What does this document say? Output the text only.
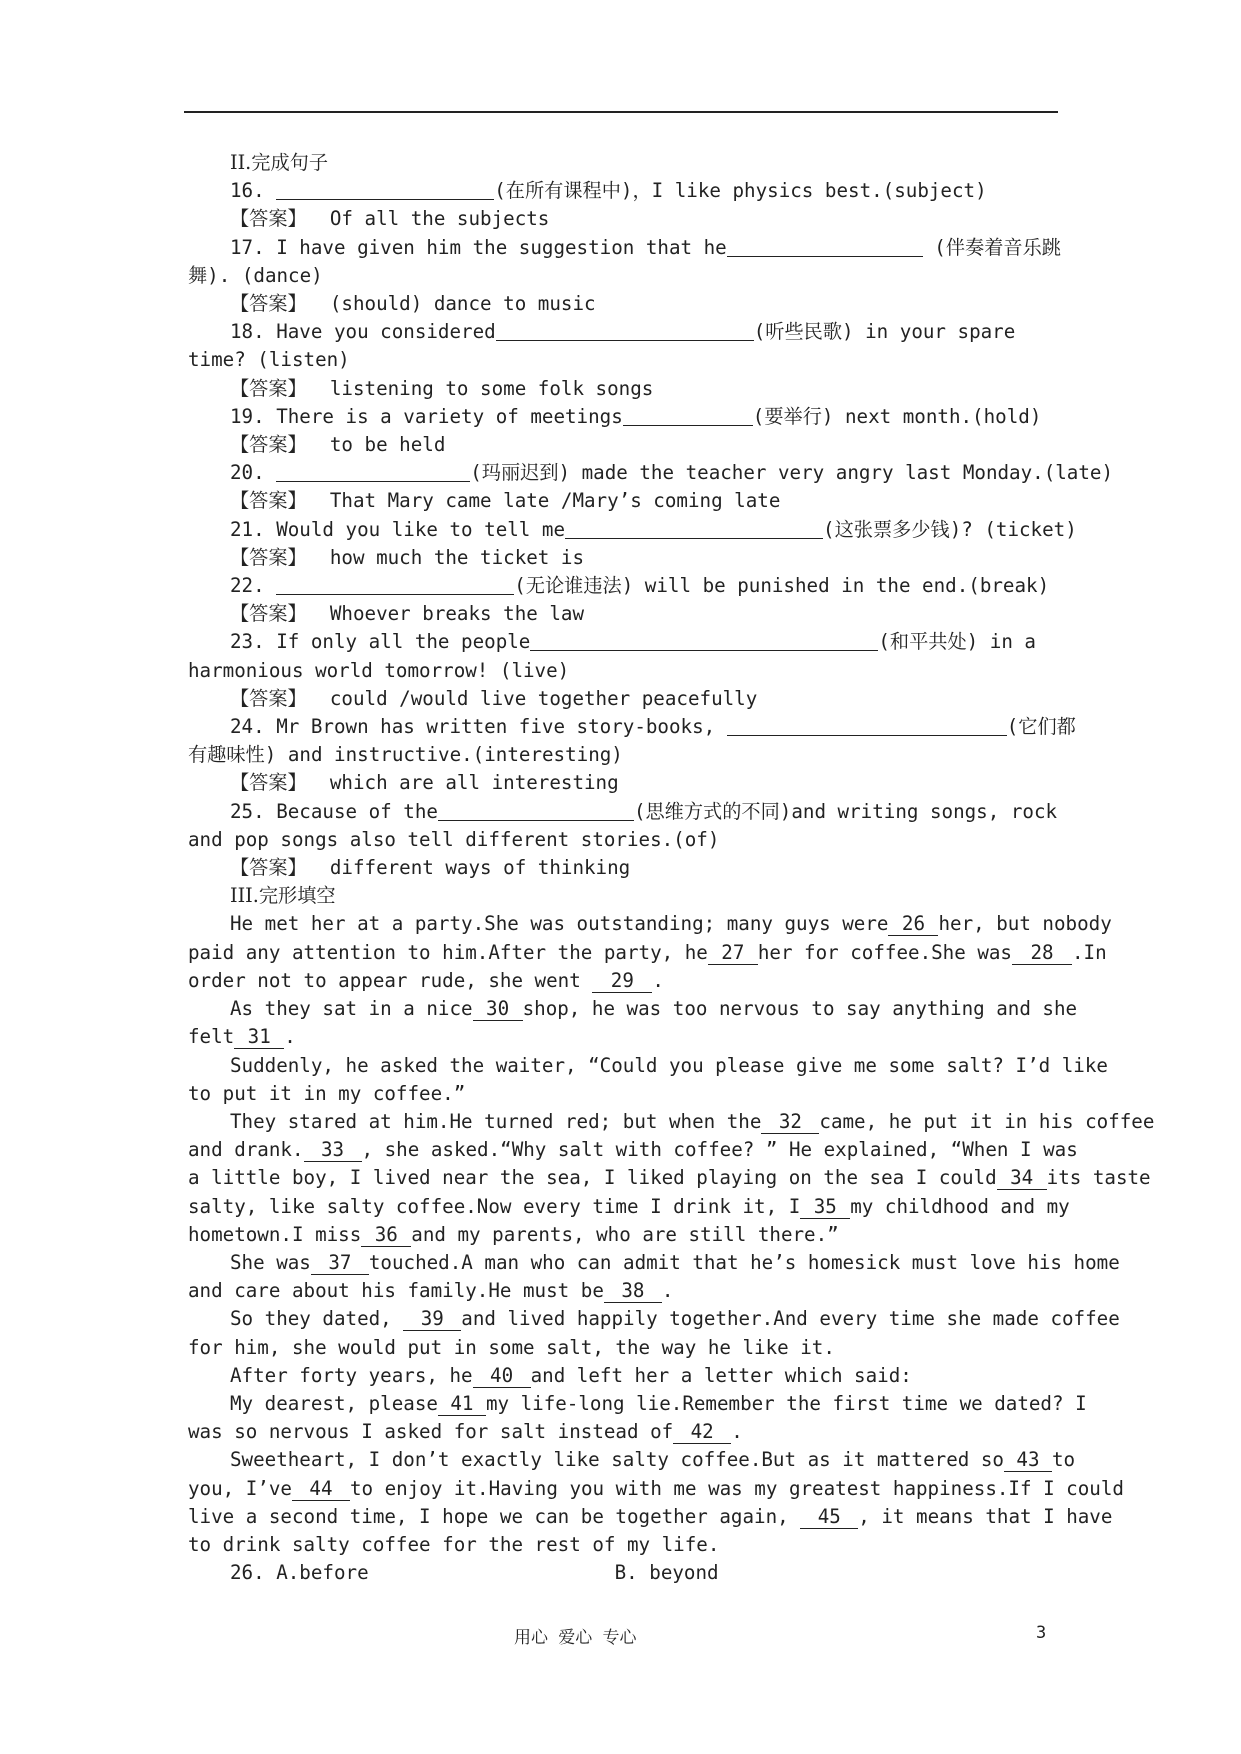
II.完成句子
16.	(在所有课程中)，I like physics best.(subject)
【答案】 Of all the subjects
17. I have given him the suggestion that he	(伴奏着音乐跳
舞). (dance)
【答案】 (should) dance to music
18. Have you considered	(听些民歌) in your spare
time? (listen)
【答案】 listening to some folk songs
19. There is a variety of meetings	(要举行) next month.(hold)
【答案】 to be held
20.	(玛丽迟到) made the teacher very angry last Monday.(late)
【答案】 That Mary came late /Mary’s coming late
21. Would you like to tell me	(这张票多少钱)? (ticket)
【答案】 how much the ticket is
22.	(无论谁违法) will be punished in the end.(break)
【答案】 Whoever breaks the law
23. If only all the people	(和平共处) in a
harmonious world tomorrow! (live)
【答案】 could /would live together peacefully
24. Mr Brown has written five story-books,	(它们都
有趣味性) and instructive.(interesting)
【答案】 which are all interesting
25. Because of the	(思维方式的不同)and writing songs, rock
and pop songs also tell different stories.(of)
【答案】 different ways of thinking
III.完形填空
He met her at a party.She was outstanding; many guys were 26 her, but nobody
paid any attention to him.After the party, he 27 her for coffee.She was 28 .In
order not to appear rude, she went 29 .
As they sat in a nice 30 shop, he was too nervous to say anything and she
felt 31 .
Suddenly, he asked the waiter, “Could you please give me some salt? I’d like
to put it in my coffee.”
They stared at him.He turned red; but when the 32 came, he put it in his coffee
and drank. 33 , she asked.“Why salt with coffee? ” He explained, “When I was
a little boy, I lived near the sea, I liked playing on the sea I could 34 its taste
salty, like salty coffee.Now every time I drink it, I 35 my childhood and my
hometown.I miss 36 and my parents, who are still there.”
She was 37 touched.A man who can admit that he’s homesick must love his home
and care about his family.He must be 38 .
So they dated, 39 and lived happily together.And every time she made coffee
for him, she would put in some salt, the way he like it.
After forty years, he 40 and left her a letter which said:
My dearest, please 41 my life-long lie.Remember the first time we dated? I
was so nervous I asked for salt instead of 42 .
Sweetheart, I don’t exactly like salty coffee.But as it mattered so 43 to
you, I’ve 44 to enjoy it.Having you with me was my greatest happiness.If I could
live a second time, I hope we can be together again, 45 , it means that I have
to drink salty coffee for the rest of my life.
26. A.before	B. beyond
用心 爱心 专心	3
